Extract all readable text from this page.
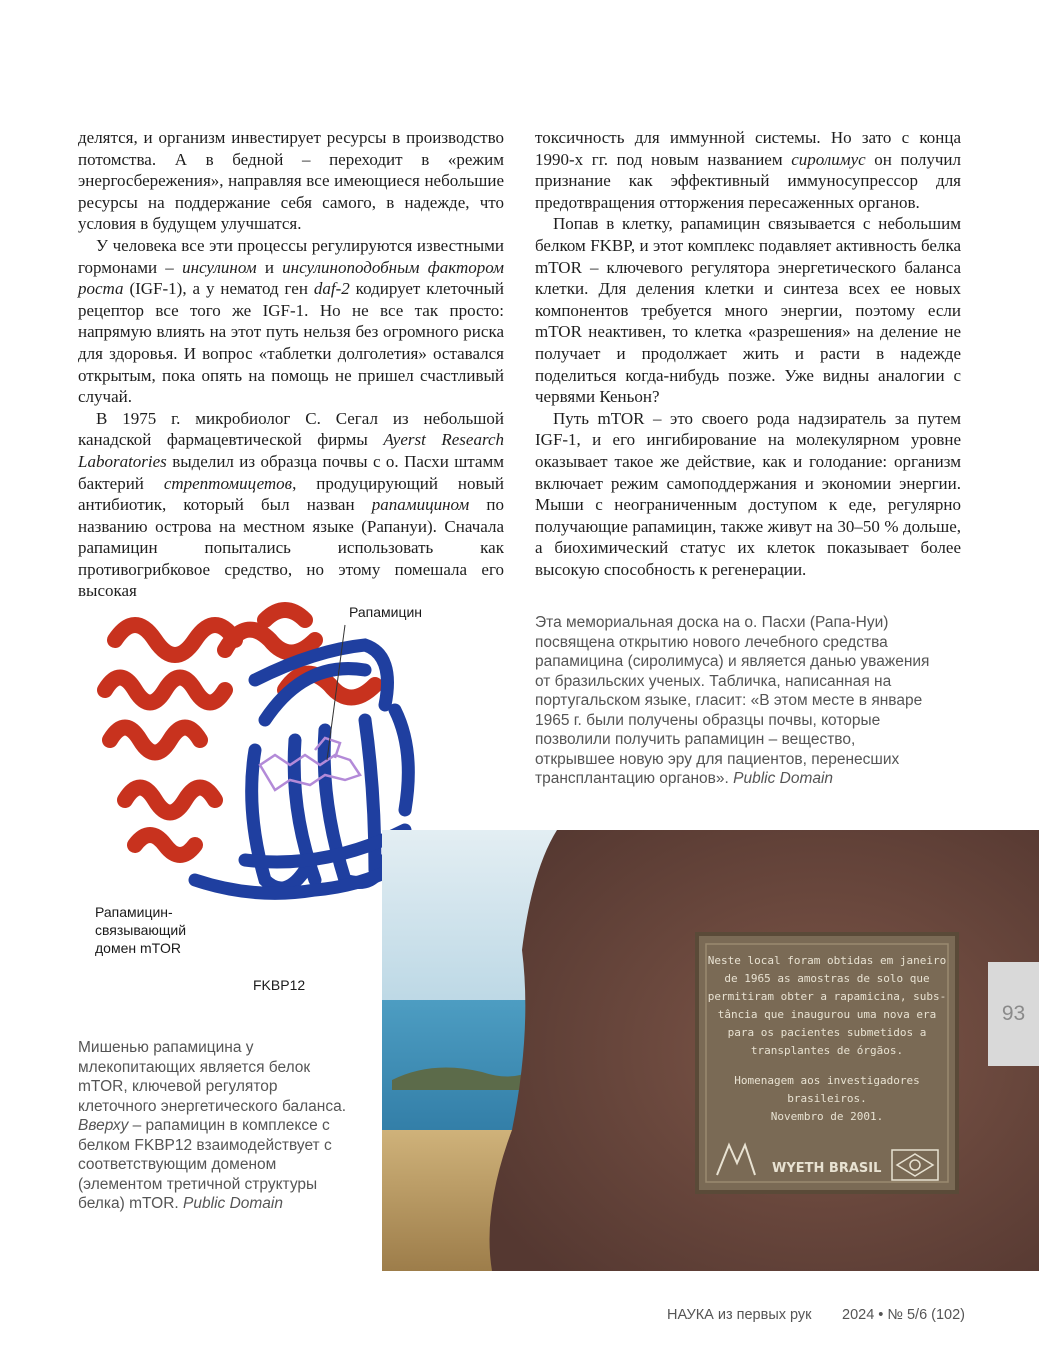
делятся, и организм инвестирует ресурсы в производство потомства. А в бедной – переходит в «режим энергосбережения», направляя все имеющиеся небольшие ресурсы на поддержание себя самого, в надежде, что условия в будущем улучшатся.

У человека все эти процессы регулируются известными гормонами – инсулином и инсулиноподобным фактором роста (IGF-1), а у нематод ген daf-2 кодирует клеточный рецептор все того же IGF-1. Но не все так просто: напрямую влиять на этот путь нельзя без огромного риска для здоровья. И вопрос «таблетки долголетия» оставался открытым, пока опять на помощь не пришел счастливый случай.

В 1975 г. микробиолог С. Сегал из небольшой канадской фармацевтической фирмы Ayerst Research Laboratories выделил из образца почвы с о. Пасхи штамм бактерий стрептомицетов, продуцирующий новый антибиотик, который был назван рапамицином по названию острова на местном языке (Рапануи). Сначала рапамицин попытались использовать как противогрибковое средство, но этому помешала его высокая

токсичность для иммунной системы. Но зато с конца 1990-х гг. под новым названием сиролимус он получил признание как эффективный иммуносупрессор для предотвращения отторжения пересаженных органов.

Попав в клетку, рапамицин связывается с небольшим белком FKBP, и этот комплекс подавляет активность белка mTOR – ключевого регулятора энергетического баланса клетки. Для деления клетки и синтеза всех ее новых компонентов требуется много энергии, поэтому если mTOR неактивен, то клетка «разрешения» на деление не получает и продолжает жить и расти в надежде поделиться когда-нибудь позже. Уже видны аналогии с червями Кеньон?

Путь mTOR – это своего рода надзиратель за путем IGF-1, и его ингибирование на молекулярном уровне оказывает такое же действие, как и голодание: организм включает режим самоподдержания и экономии энергии. Мыши с неограниченным доступом к еде, регулярно получающие рапамицин, также живут на 30–50 % дольше, а биохимический статус их клеток показывает более высокую способность к регенерации.

Рапамицин
Рапамицин-
связывающий
домен mTOR
FKBP12
Эта мемориальная доска на о. Пасхи (Рапа-Нуи) посвящена открытию нового лечебного средства рапамицина (сиролимуса) и является данью уважения от бразильских ученых. Табличка, написанная на португальском языке, гласит: «В этом месте в январе 1965 г. были получены образцы почвы, которые позволили получить рапамицин – вещество, открывшее новую эру для пациентов, перенесших трансплантацию органов». Public Domain
Neste local foram obtidas em janeiro
de 1965 as amostras de solo que
permitiram obter a rapamicina, subs-
tância que inaugurou uma nova era
para os pacientes submetidos a
transplantes de órgãos.
Homenagem aos investigadores
brasileiros.
Novembro de 2001.
WYETH BRASIL
Мишенью рапамицина у млекопитающих является белок mTOR, ключевой регулятор клеточного энергетического баланса. Вверху – рапамицин в комплексе с белком FKBP12 взаимодействует с соответствующим доменом (элементом третичной структуры белка) mTOR. Public Domain
93
НАУКА из первых рук 2024 • № 5/6 (102)
